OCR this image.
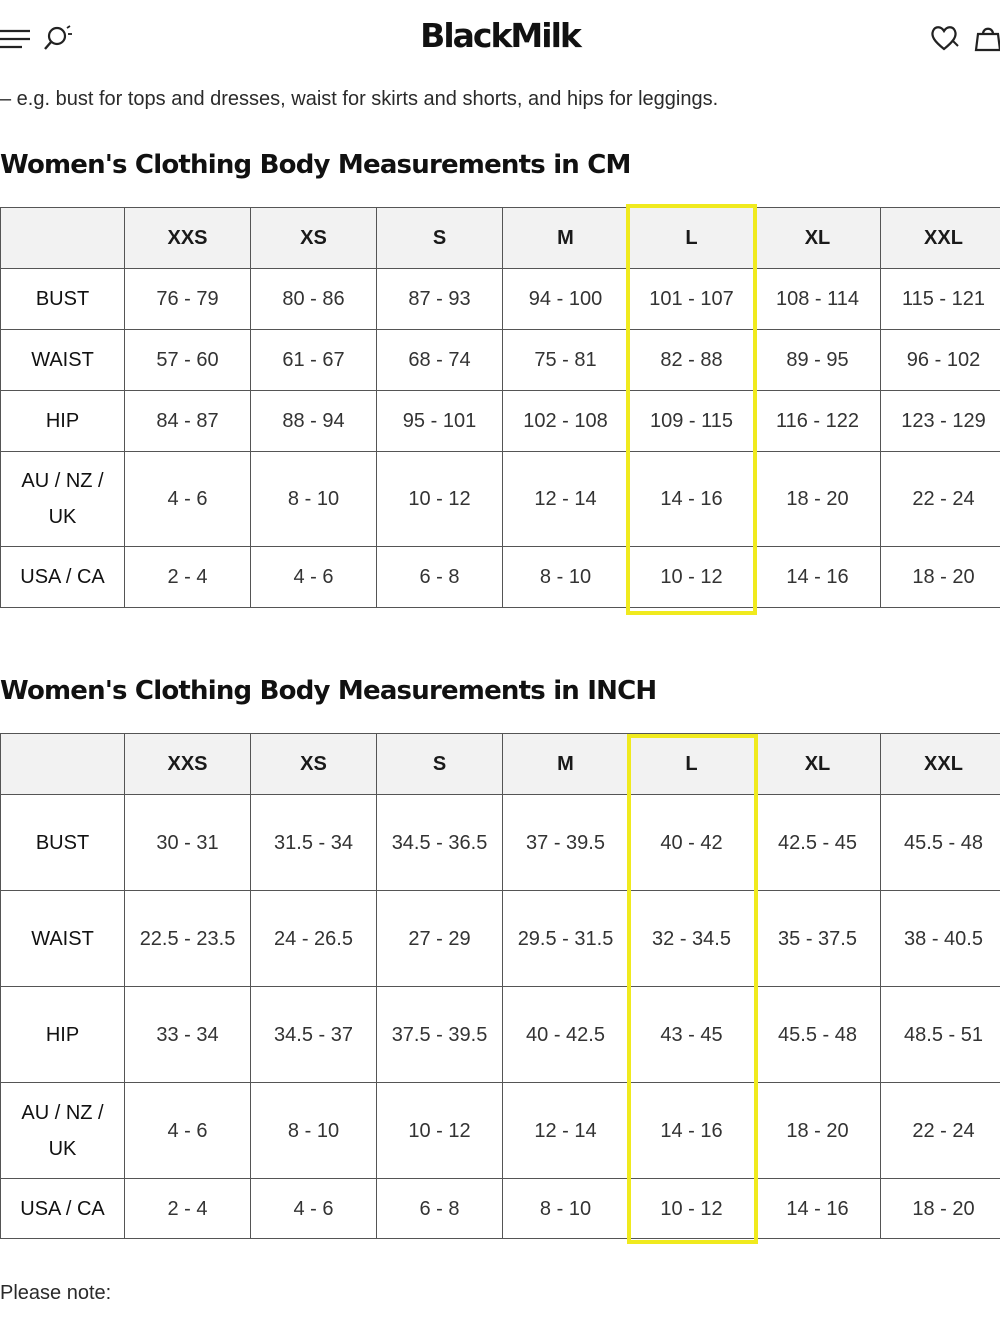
BlackMilk
– e.g. bust for tops and dresses, waist for skirts and shorts, and hips for leggings.
Women's Clothing Body Measurements in CM
	XXS	XS	S	M	L	XL	XXL
BUST	76 - 79	80 - 86	87 - 93	94 - 100	101 - 107	108 - 114	115 - 121
WAIST	57 - 60	61 - 67	68 - 74	75 - 81	82 - 88	89 - 95	96 - 102
HIP	84 - 87	88 - 94	95 - 101	102 - 108	109 - 115	116 - 122	123 - 129
AU / NZ / UK	4 - 6	8 - 10	10 - 12	12 - 14	14 - 16	18 - 20	22 - 24
USA / CA	2 - 4	4 - 6	6 - 8	8 - 10	10 - 12	14 - 16	18 - 20
Women's Clothing Body Measurements in INCH
	XXS	XS	S	M	L	XL	XXL
BUST	30 - 31	31.5 - 34	34.5 - 36.5	37 - 39.5	40 - 42	42.5 - 45	45.5 - 48
WAIST	22.5 - 23.5	24 - 26.5	27 - 29	29.5 - 31.5	32 - 34.5	35 - 37.5	38 - 40.5
HIP	33 - 34	34.5 - 37	37.5 - 39.5	40 - 42.5	43 - 45	45.5 - 48	48.5 - 51
AU / NZ / UK	4 - 6	8 - 10	10 - 12	12 - 14	14 - 16	18 - 20	22 - 24
USA / CA	2 - 4	4 - 6	6 - 8	8 - 10	10 - 12	14 - 16	18 - 20
Please note:
